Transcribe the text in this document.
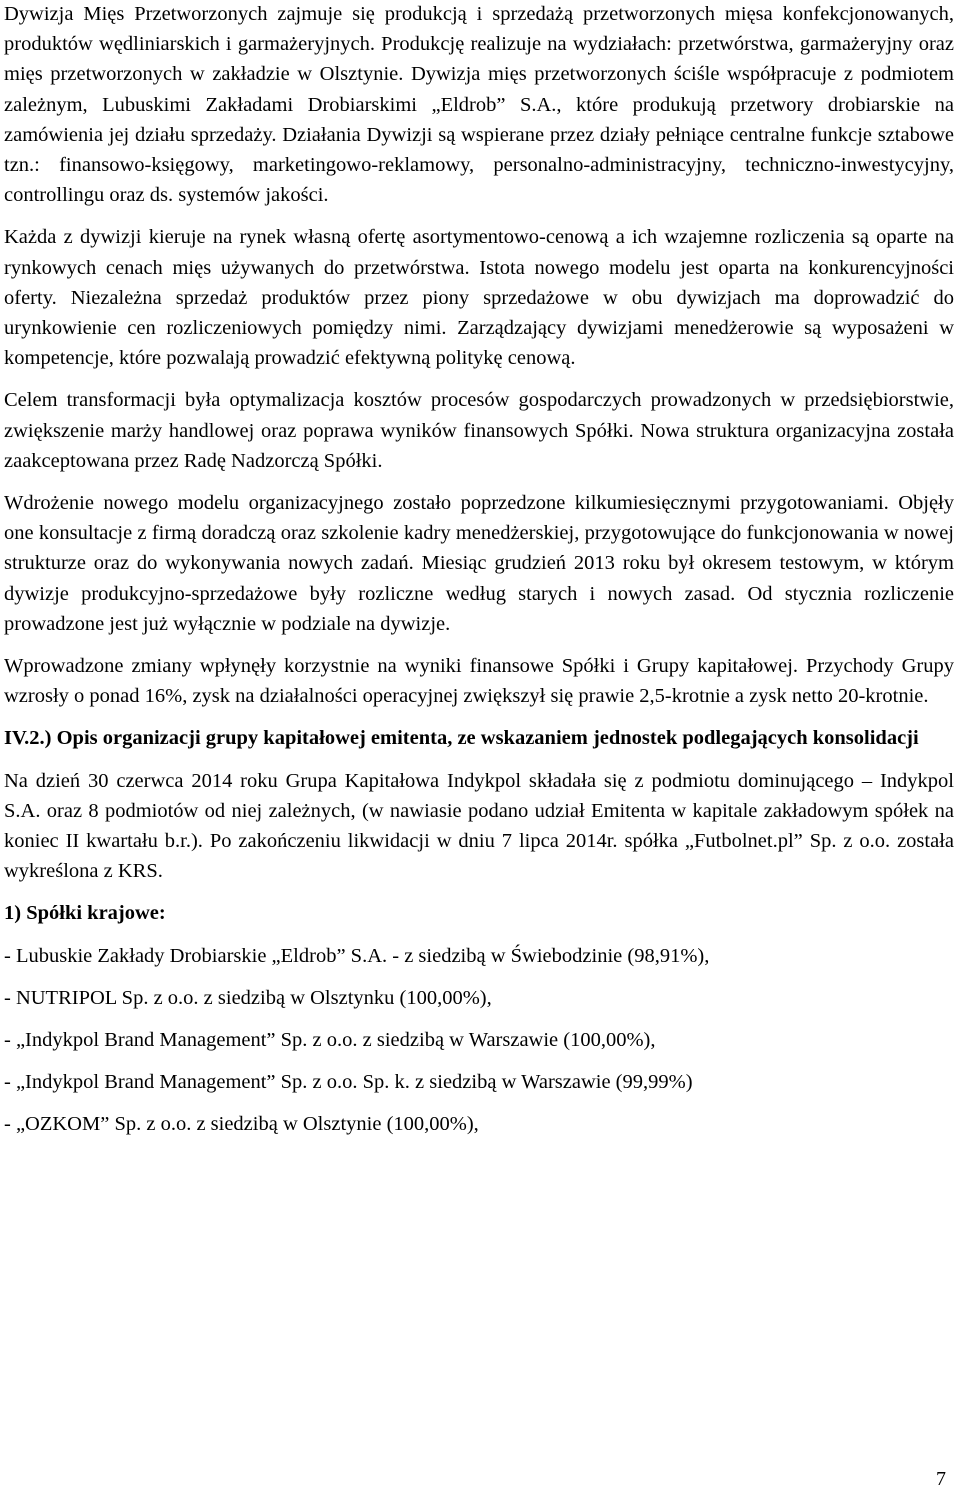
Dywizja Mięs Przetworzonych zajmuje się produkcją i sprzedażą przetworzonych mięsa konfekcjonowanych, produktów wędliniarskich i garmażeryjnych. Produkcję realizuje na wydziałach: przetwórstwa, garmażeryjny oraz mięs przetworzonych w zakładzie w Olsztynie. Dywizja mięs przetworzonych ściśle współpracuje z podmiotem zależnym, Lubuskimi Zakładami Drobiarskimi „Eldrob” S.A., które produkują przetwory drobiarskie na zamówienia jej działu sprzedaży. Działania Dywizji są wspierane przez działy pełniące centralne funkcje sztabowe tzn.: finansowo-księgowy, marketingowo-reklamowy, personalno-administracyjny, techniczno-inwestycyjny, controllingu oraz ds. systemów jakości.

Każda z dywizji kieruje na rynek własną ofertę asortymentowo-cenową a ich wzajemne rozliczenia są oparte na rynkowych cenach mięs używanych do przetwórstwa. Istota nowego modelu jest oparta na konkurencyjności oferty. Niezależna sprzedaż produktów przez piony sprzedażowe w obu dywizjach ma doprowadzić do urynkowienie cen rozliczeniowych pomiędzy nimi. Zarządzający dywizjami menedżerowie są wyposażeni w kompetencje, które pozwalają prowadzić efektywną politykę cenową.

Celem transformacji była optymalizacja kosztów procesów gospodarczych prowadzonych w przedsiębiorstwie, zwiększenie marży handlowej oraz poprawa wyników finansowych Spółki. Nowa struktura organizacyjna została zaakceptowana przez Radę Nadzorczą Spółki.

Wdrożenie nowego modelu organizacyjnego zostało poprzedzone kilkumiesięcznymi przygotowaniami. Objęły one konsultacje z firmą doradczą oraz szkolenie kadry menedżerskiej, przygotowujące do funkcjonowania w nowej strukturze oraz do wykonywania nowych zadań. Miesiąc grudzień 2013 roku był okresem testowym, w którym dywizje produkcyjno-sprzedażowe były rozliczne według starych i nowych zasad. Od stycznia rozliczenie prowadzone jest już wyłącznie w podziale na dywizje.

Wprowadzone zmiany wpłynęły korzystnie na wyniki finansowe Spółki i Grupy kapitałowej. Przychody Grupy wzrosły o ponad 16%, zysk na działalności operacyjnej zwiększył się prawie 2,5-krotnie a zysk netto 20-krotnie.

IV.2.) Opis organizacji grupy kapitałowej emitenta, ze wskazaniem jednostek podlegających konsolidacji

Na dzień 30 czerwca 2014 roku Grupa Kapitałowa Indykpol składała się z podmiotu dominującego – Indykpol S.A. oraz 8 podmiotów od niej zależnych, (w nawiasie podano udział Emitenta w kapitale zakładowym spółek na koniec II kwartału b.r.). Po zakończeniu likwidacji w dniu 7 lipca 2014r. spółka „Futbolnet.pl” Sp. z o.o. została wykreślona z KRS.

1) Spółki krajowe:

- Lubuskie Zakłady Drobiarskie „Eldrob” S.A. - z siedzibą w Świebodzinie (98,91%),

- NUTRIPOL Sp. z o.o. z siedzibą w Olsztynku (100,00%),

- „Indykpol Brand Management” Sp. z o.o. z siedzibą w Warszawie (100,00%),

- „Indykpol Brand Management” Sp. z o.o. Sp. k. z siedzibą w Warszawie (99,99%)

- „OZKOM” Sp. z o.o. z siedzibą w Olsztynie (100,00%),

7
